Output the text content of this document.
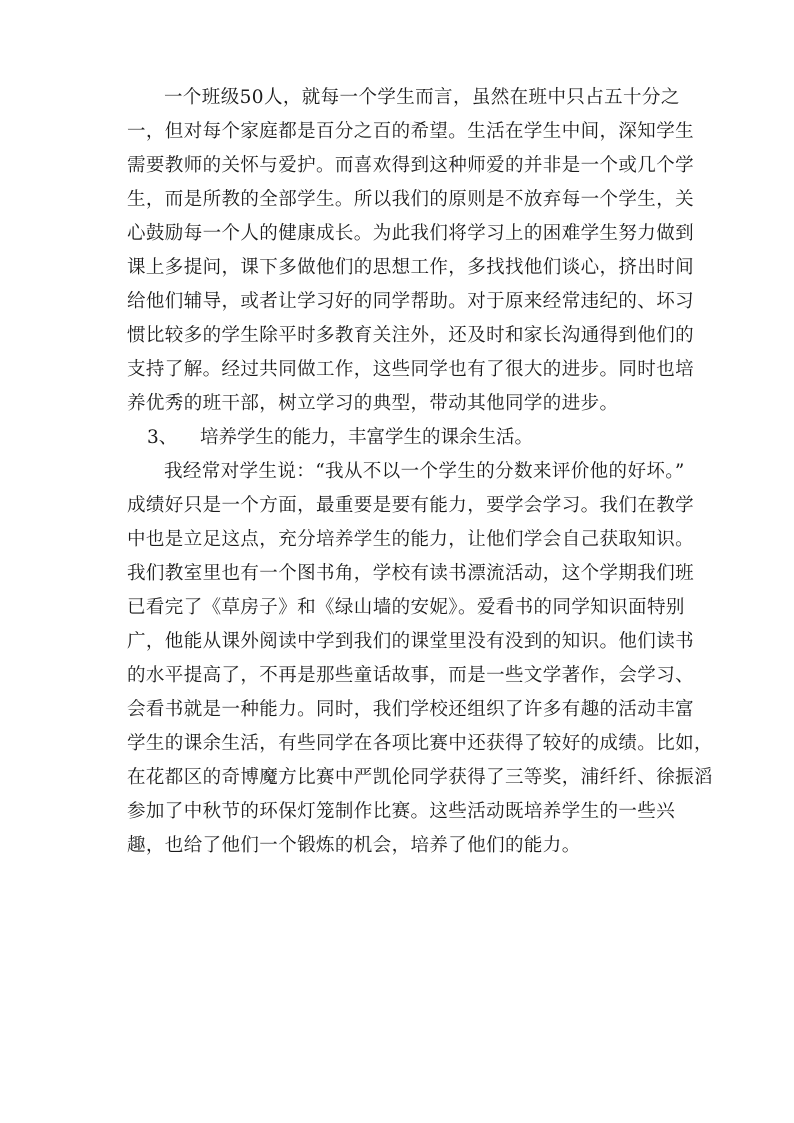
一个班级50人，就每一个学生而言，虽然在班中只占五十分之
一，但对每个家庭都是百分之百的希望。生活在学生中间，深知学生
需要教师的关怀与爱护。而喜欢得到这种师爱的并非是一个或几个学
生，而是所教的全部学生。所以我们的原则是不放弃每一个学生，关
心鼓励每一个人的健康成长。为此我们将学习上的困难学生努力做到
课上多提问，课下多做他们的思想工作，多找找他们谈心，挤出时间
给他们辅导，或者让学习好的同学帮助。对于原来经常违纪的、坏习
惯比较多的学生除平时多教育关注外，还及时和家长沟通得到他们的
支持了解。经过共同做工作，这些同学也有了很大的进步。同时也培
养优秀的班干部，树立学习的典型，带动其他同学的进步。
3、 培养学生的能力，丰富学生的课余生活。
我经常对学生说：“我从不以一个学生的分数来评价他的好坏。”
成绩好只是一个方面，最重要是要有能力，要学会学习。我们在教学
中也是立足这点，充分培养学生的能力，让他们学会自己获取知识。
我们教室里也有一个图书角，学校有读书漂流活动，这个学期我们班
已看完了《草房子》和《绿山墙的安妮》。爱看书的同学知识面特别
广，他能从课外阅读中学到我们的课堂里没有没到的知识。他们读书
的水平提高了，不再是那些童话故事，而是一些文学著作，会学习、
会看书就是一种能力。同时，我们学校还组织了许多有趣的活动丰富
学生的课余生活，有些同学在各项比赛中还获得了较好的成绩。比如，
在花都区的奇博魔方比赛中严凯伦同学获得了三等奖，浦纤纤、徐振滔
参加了中秋节的环保灯笼制作比赛。这些活动既培养学生的一些兴
趣，也给了他们一个锻炼的机会，培养了他们的能力。
